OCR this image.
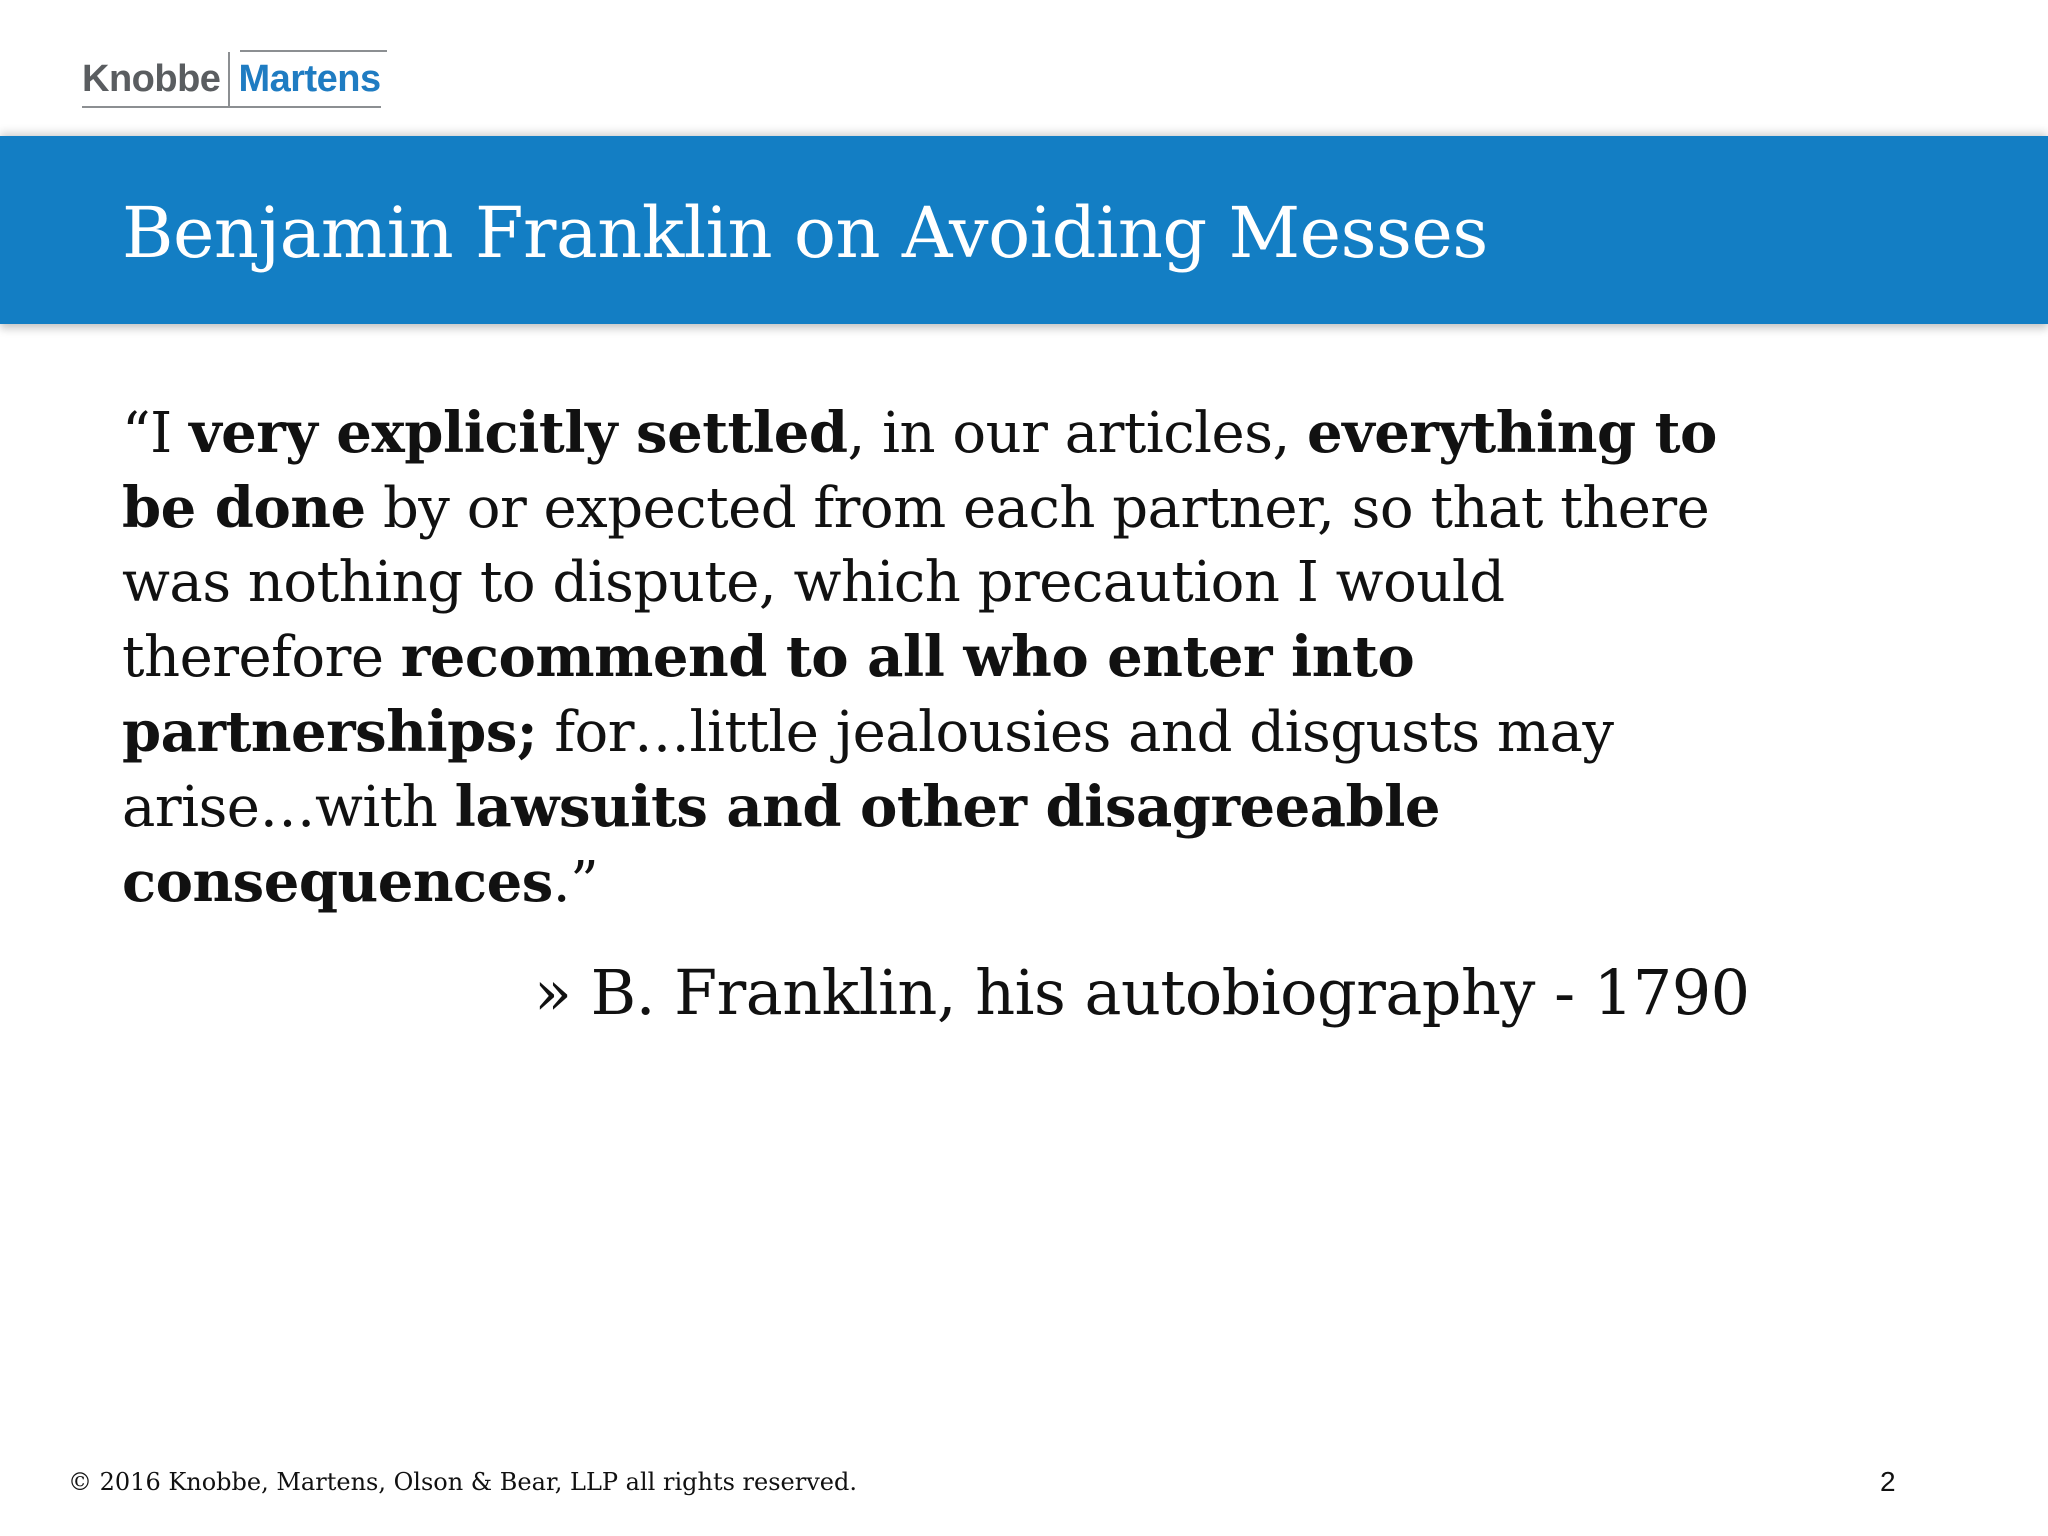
Knobbe Martens
Benjamin Franklin on Avoiding Messes
“I very explicitly settled, in our articles, everything to
be done by or expected from each partner, so that there
was nothing to dispute, which precaution I would
therefore recommend to all who enter into
partnerships; for…little jealousies and disgusts may
arise…with lawsuits and other disagreeable
consequences.”
» B. Franklin, his autobiography - 1790
© 2016 Knobbe, Martens, Olson & Bear, LLP all rights reserved.	2
